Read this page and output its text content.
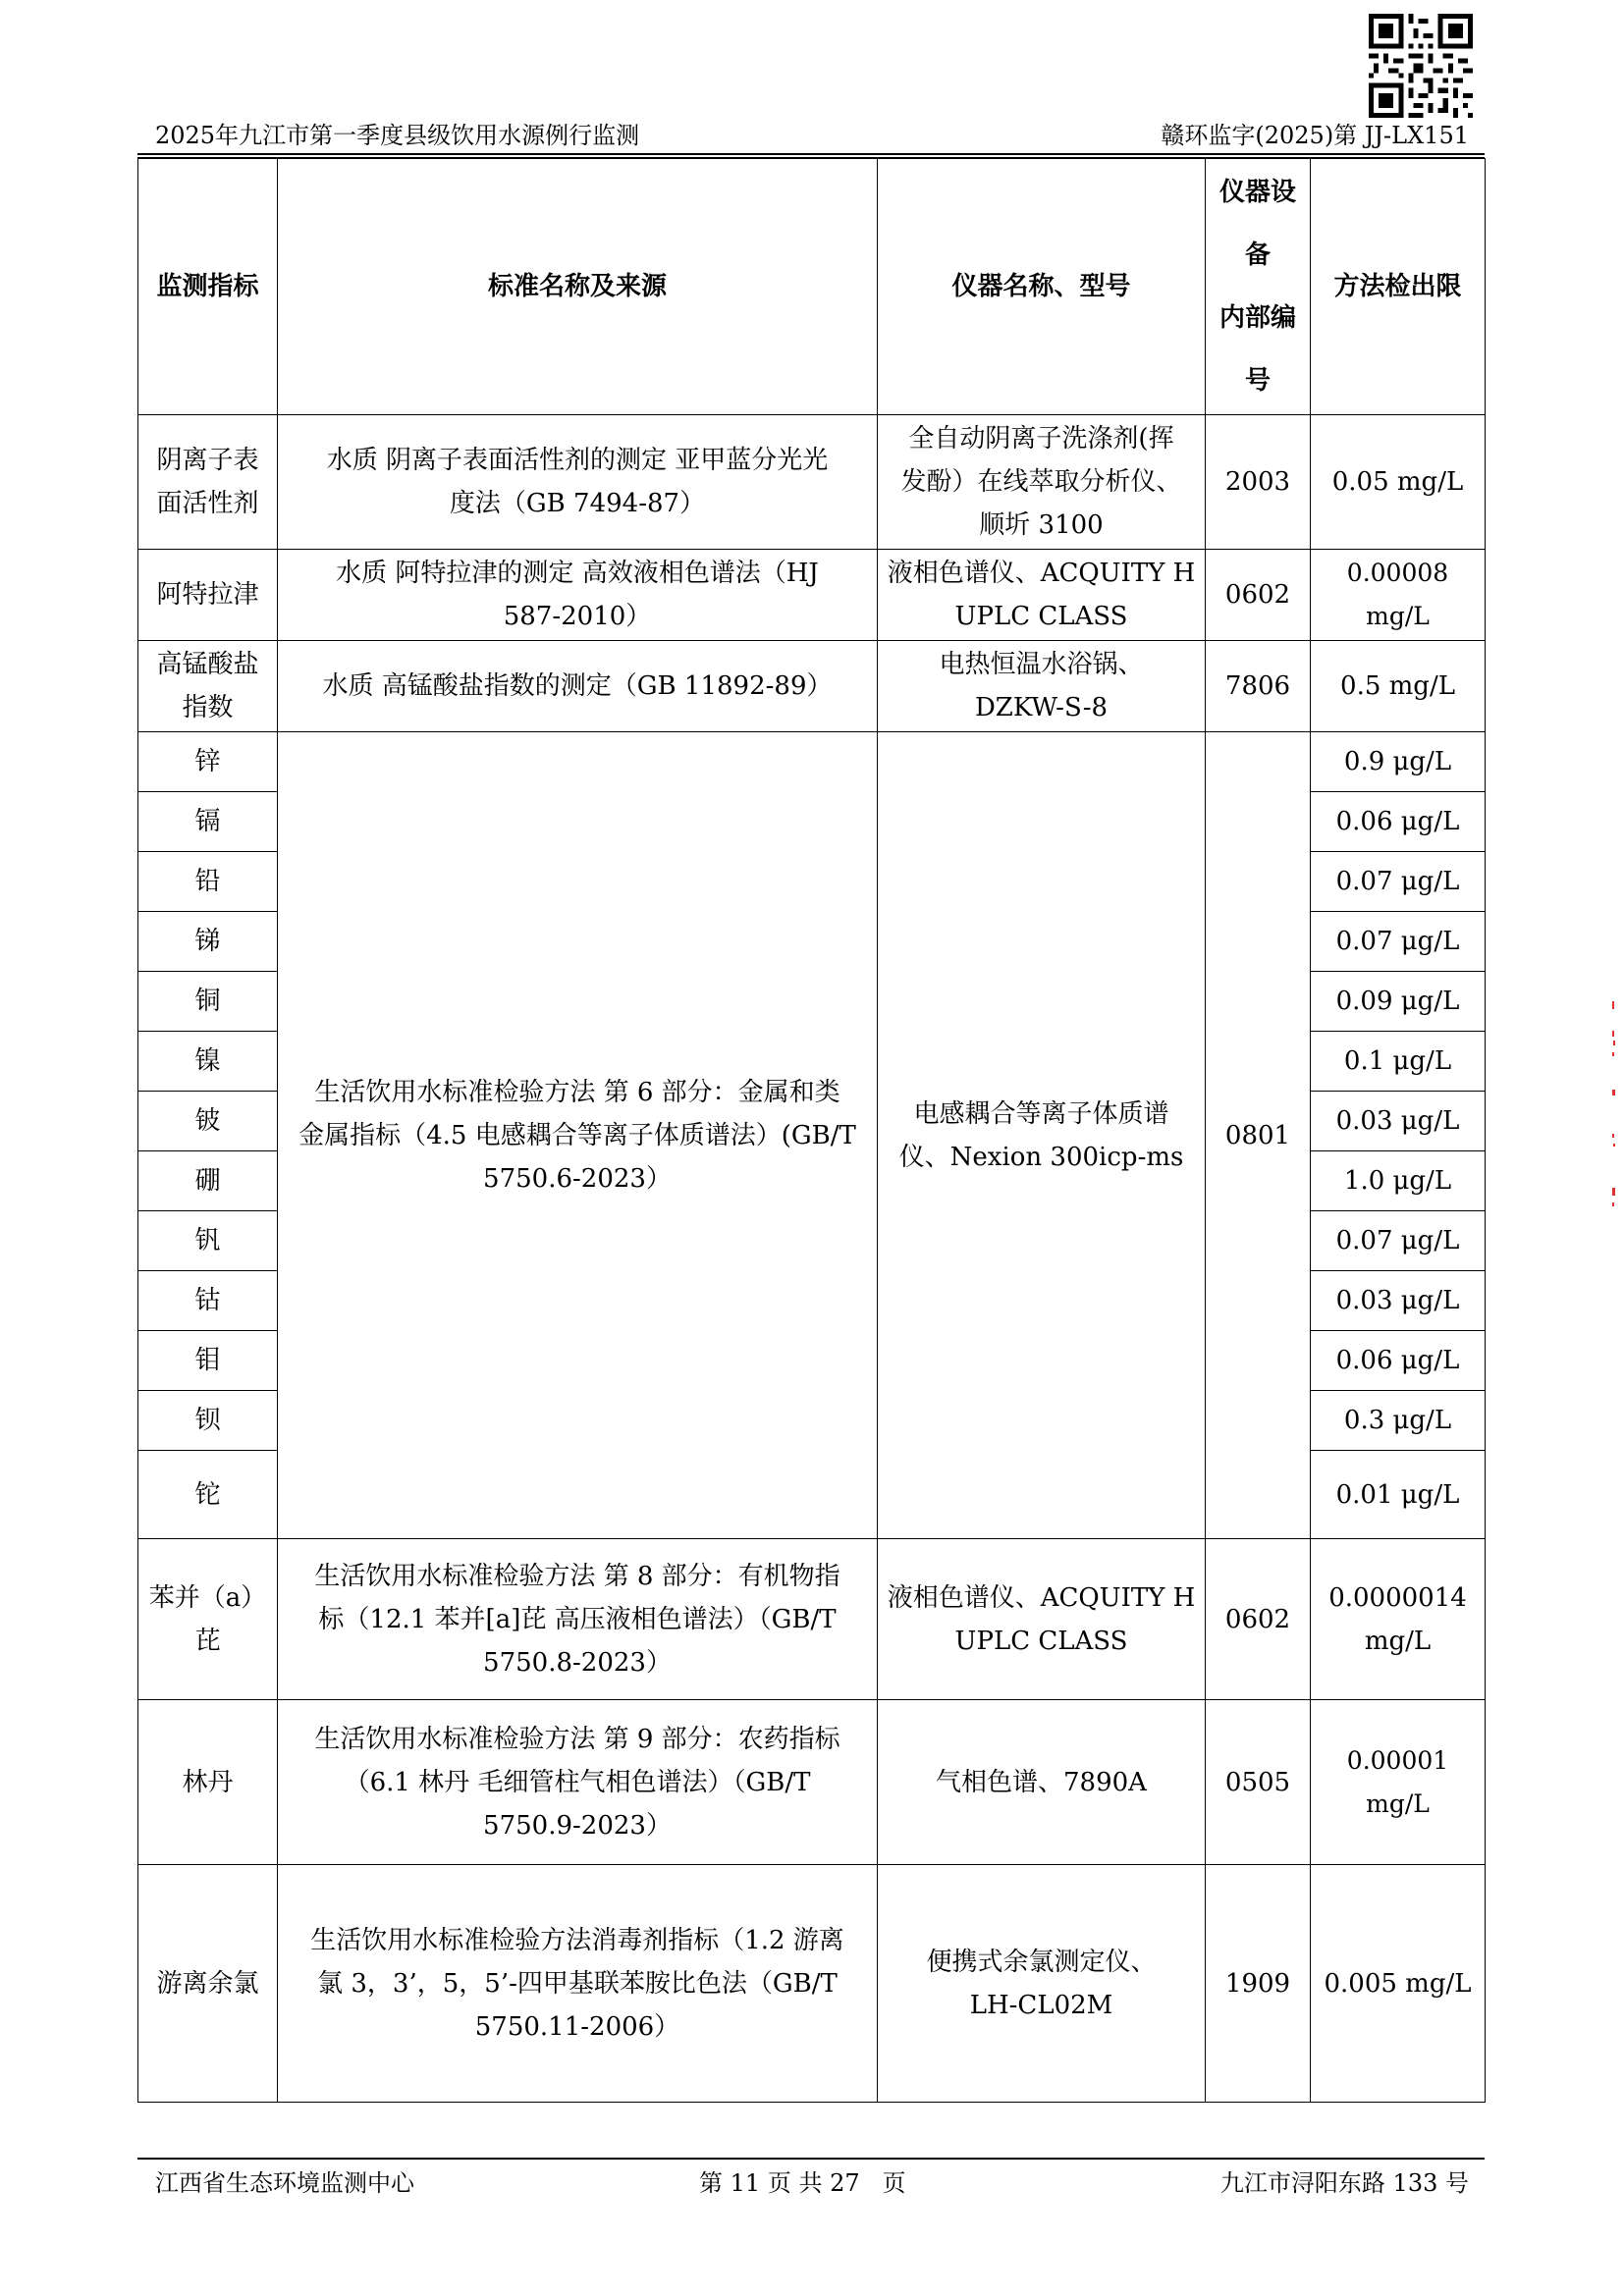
2025年九江市第一季度县级饮用水源例行监测	赣环监字(2025)第 JJ-LX151
监测指标	标准名称及来源	仪器名称、型号	仪器设
备
内部编
号	方法检出限
阴离子表
面活性剂	水质 阴离子表面活性剂的测定 亚甲蓝分光光
度法（GB 7494-87）	全自动阴离子洗涤剂(挥
发酚）在线萃取分析仪、
顺圻 3100	2003	0.05 mg/L
阿特拉津	水质 阿特拉津的测定 高效液相色谱法（HJ
587-2010）	液相色谱仪、ACQUITY H
UPLC CLASS	0602	0.00008 mg/L
高锰酸盐
指数	水质 高锰酸盐指数的测定（GB 11892-89）	电热恒温水浴锅、
DZKW-S-8	7806	0.5 mg/L
锌	生活饮用水标准检验方法 第 6 部分：金属和类
金属指标（4.5 电感耦合等离子体质谱法）(GB/T
5750.6-2023）	电感耦合等离子体质谱
仪、Nexion 300icp-ms	0801	0.9 μg/L
镉				0.06 μg/L
铅				0.07 μg/L
锑				0.07 μg/L
铜				0.09 μg/L
镍				0.1 μg/L
铍				0.03 μg/L
硼				1.0 μg/L
钒				0.07 μg/L
钴				0.03 μg/L
钼				0.06 μg/L
钡				0.3 μg/L
铊				0.01 μg/L
苯并（a）
芘	生活饮用水标准检验方法 第 8 部分：有机物指
标（12.1 苯并[a]芘 高压液相色谱法）（GB/T
5750.8-2023）	液相色谱仪、ACQUITY H
UPLC CLASS	0602	0.0000014
mg/L
林丹	生活饮用水标准检验方法 第 9 部分：农药指标
（6.1 林丹 毛细管柱气相色谱法）（GB/T
5750.9-2023）	气相色谱、7890A	0505	0.00001 mg/L
游离余氯	生活饮用水标准检验方法消毒剂指标（1.2 游离
氯 3，3’，5，5’-四甲基联苯胺比色法（GB/T
5750.11-2006）	便携式余氯测定仪、
LH-CL02M	1909	0.005 mg/L
江西省生态环境监测中心	第 11 页 共 27 页	九江市浔阳东路 133 号
